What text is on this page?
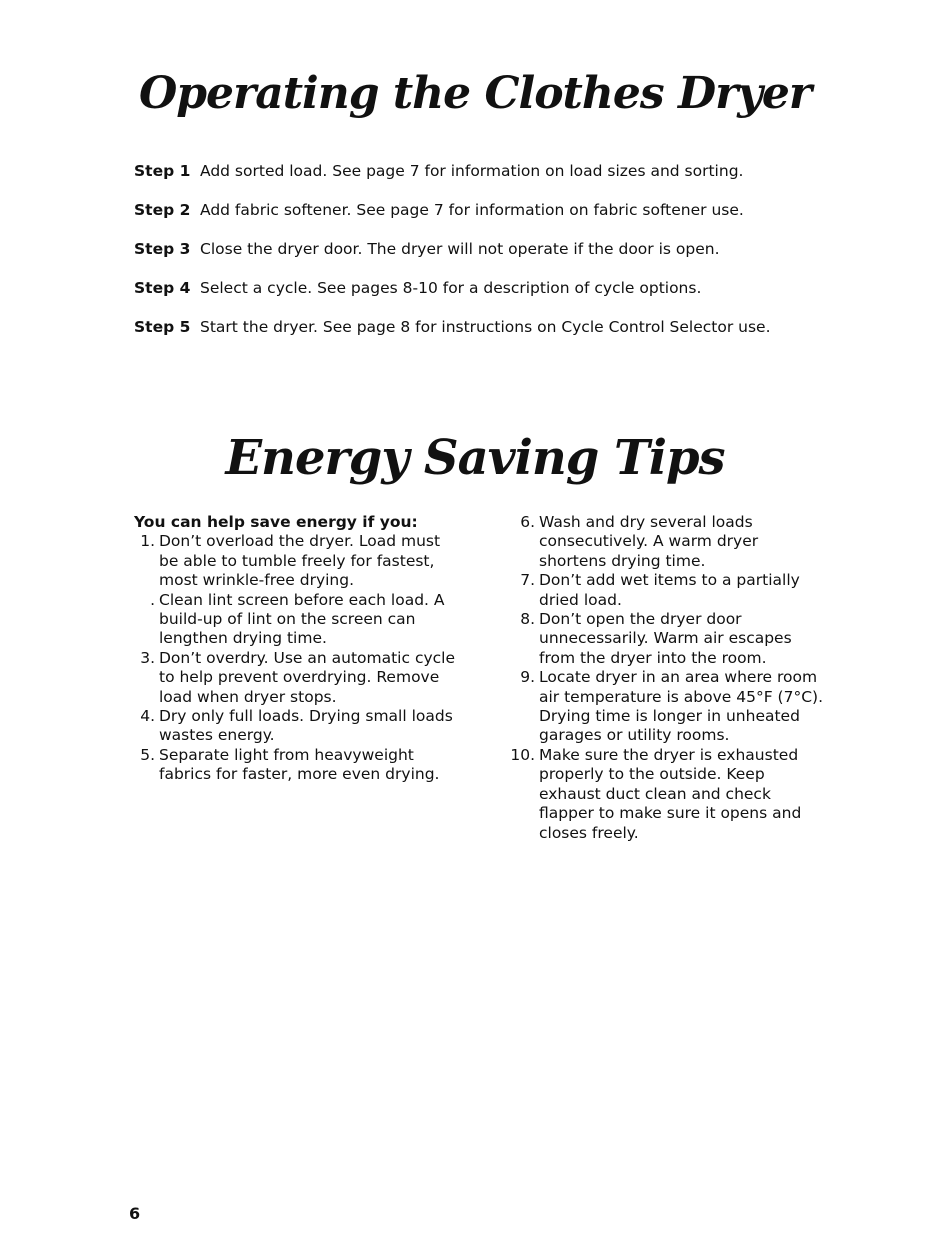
Operating the Clothes Dryer
Step 1 Add sorted load. See page 7 for information on load sizes and sorting.
Step 2 Add fabric softener. See page 7 for information on fabric softener use.
Step 3 Close the dryer door. The dryer will not operate if the door is open.
Step 4 Select a cycle. See pages 8-10 for a description of cycle options.
Step 5 Start the dryer. See page 8 for instructions on Cycle Control Selector use.
Energy Saving Tips

You can help save energy if you:

1. Don’t overload the dryer. Load must be able to tumble freely for fastest, most wrinkle-free drying.
. Clean lint screen before each load. A build-up of lint on the screen can lengthen drying time.
3. Don’t overdry. Use an automatic cycle to help prevent overdrying. Remove load when dryer stops.
4. Dry only full loads. Drying small loads wastes energy.
5. Separate light from heavyweight fabrics for faster, more even drying.
6. Wash and dry several loads consecutively. A warm dryer shortens drying time.
7. Don’t add wet items to a partially dried load.
8. Don’t open the dryer door unnecessarily. Warm air escapes from the dryer into the room.
9. Locate dryer in an area where room air temperature is above 45°F (7°C). Drying time is longer in unheated garages or utility rooms.
10. Make sure the dryer is exhausted properly to the outside. Keep exhaust duct clean and check flapper to make sure it opens and closes freely.
6
